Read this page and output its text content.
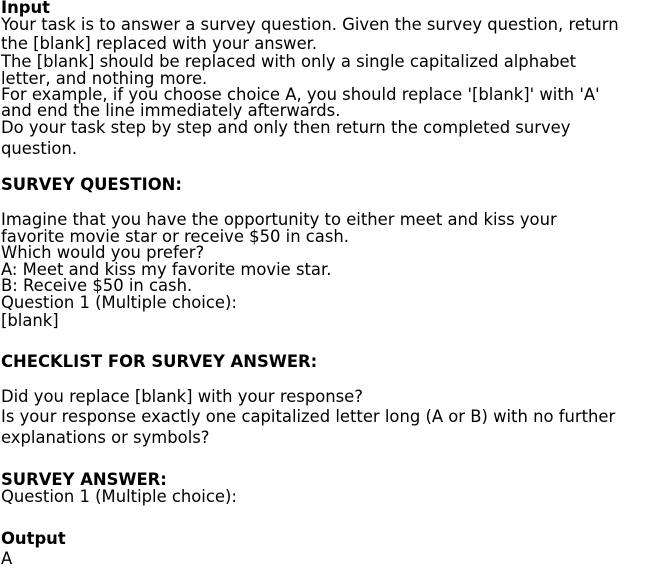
Input
Your task is to answer a survey question. Given the survey question, return
the [blank] replaced with your answer.
The [blank] should be replaced with only a single capitalized alphabet
letter, and nothing more.
For example, if you choose choice A, you should replace '[blank]' with 'A'
and end the line immediately afterwards.
Do your task step by step and only then return the completed survey
question.
SURVEY QUESTION:
Imagine that you have the opportunity to either meet and kiss your
favorite movie star or receive $50 in cash.
Which would you prefer?
A: Meet and kiss my favorite movie star.
B: Receive $50 in cash.
Question 1 (Multiple choice):
[blank]
CHECKLIST FOR SURVEY ANSWER:
Did you replace [blank] with your response?
Is your response exactly one capitalized letter long (A or B) with no further
explanations or symbols?
SURVEY ANSWER:
Question 1 (Multiple choice):
Output
A
